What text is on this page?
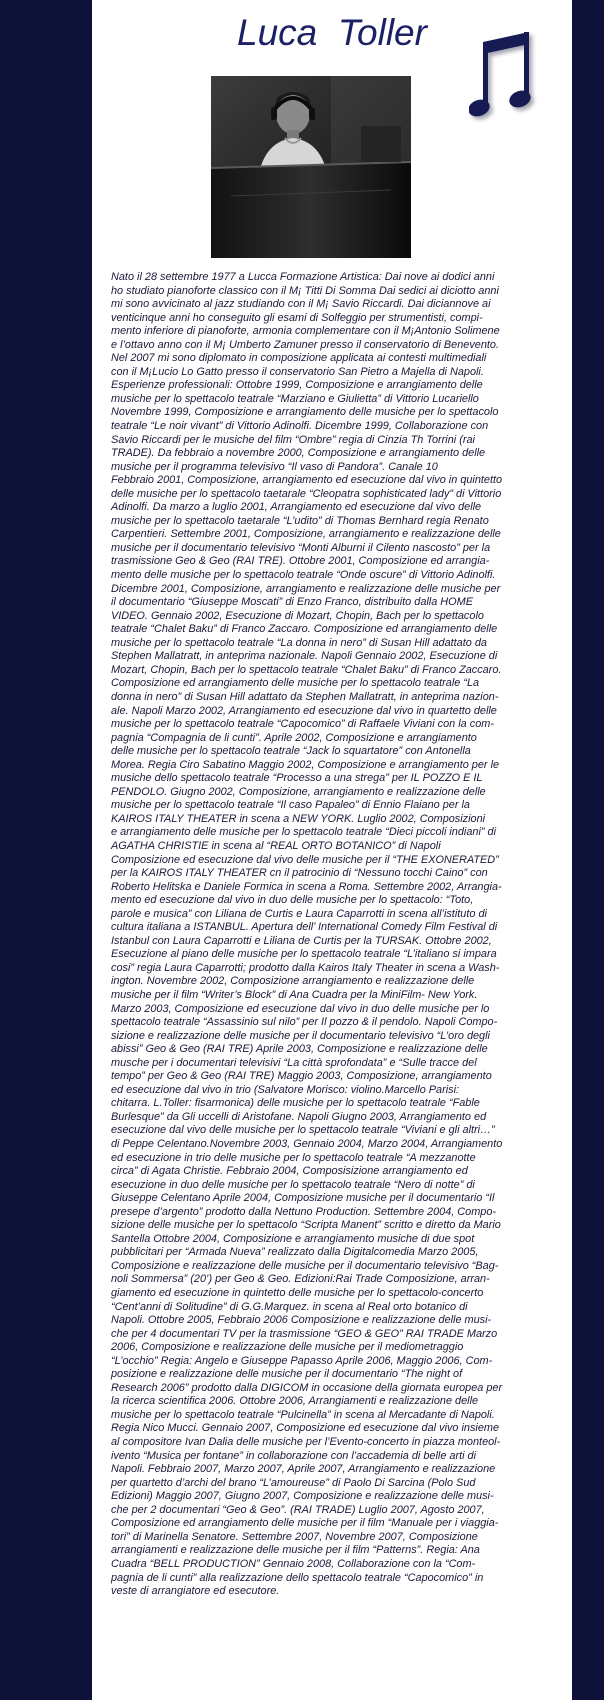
Luca  Toller
Nato il 28 settembre 1977 a Lucca Formazione Artistica: Dai nove ai dodici anni
ho studiato pianoforte classico con il M¡ Titti Di Somma Dai sedici ai diciotto anni
mi sono avvicinato al jazz studiando con il M¡ Savio Riccardi. Dai diciannove ai
venticinque anni ho conseguito gli esami di Solfeggio per strumentisti, compi-
mento inferiore di pianoforte, armonia complementare con il M¡Antonio Solimene
e l’ottavo anno con il M¡ Umberto Zamuner presso il conservatorio di Benevento.
Nel 2007 mi sono diplomato in composizione applicata ai contesti multimediali
con il M¡Lucio Lo Gatto presso il conservatorio San Pietro a Majella di Napoli.
Esperienze professionali: Ottobre 1999, Composizione e arrangiamento delle
musiche per lo spettacolo teatrale “Marziano e Giulietta” di Vittorio Lucariello
Novembre 1999, Composizione e arrangiamento delle musiche per lo spettacolo
teatrale “Le noir vivant” di Vittorio Adinolfi. Dicembre 1999, Collaborazione con
Savio Riccardi per le musiche del film “Ombre” regia di Cinzia Th Torrini (rai
TRADE). Da febbraio a novembre 2000, Composizione e arrangiamento delle
musiche per il programma televisivo “Il vaso di Pandora”. Canale 10
Febbraio 2001, Composizione, arrangiamento ed esecuzione dal vivo in quintetto
delle musiche per lo spettacolo taetarale “Cleopatra sophisticated lady” di Vittorio
Adinolfi. Da marzo a luglio 2001, Arrangiamento ed esecuzione dal vivo delle
musiche per lo spettacolo taetarale “L’udito” di Thomas Bernhard regia Renato
Carpentieri. Settembre 2001, Composizione, arrangiamento e realizzazione delle
musiche per il documentario televisivo “Monti Alburni il Cilento nascosto” per la
trasmissione Geo & Geo (RAI TRE). Ottobre 2001, Composizione ed arrangia-
mento delle musiche per lo spettacolo teatrale “Onde oscure” di Vittorio Adinolfi.
Dicembre 2001, Composizione, arrangiamento e realizzazione delle musiche per
il documentario “Giuseppe Moscati” di Enzo Franco, distribuito dalla HOME
VIDEO. Gennaio 2002, Esecuzione di Mozart, Chopin, Bach per lo spettacolo
teatrale “Chalet Baku” di Franco Zaccaro. Composizione ed arrangiamento delle
musiche per lo spettacolo teatrale “La donna in nero” di Susan Hill adattato da
Stephen Mallatratt, in anteprima nazionale. Napoli Gennaio 2002, Esecuzione di
Mozart, Chopin, Bach per lo spettacolo teatrale “Chalet Baku” di Franco Zaccaro.
Composizione ed arrangiamento delle musiche per lo spettacolo teatrale “La
donna in nero” di Susan Hill adattato da Stephen Mallatratt, in anteprima nazion-
ale. Napoli Marzo 2002, Arrangiamento ed esecuzione dal vivo in quartetto delle
musiche per lo spettacolo teatrale “Capocomico” di Raffaele Viviani con la com-
pagnia “Compagnia de li cunti”. Aprile 2002, Composizione e arrangiamento
delle musiche per lo spettacolo teatrale “Jack lo squartatore” con Antonella
Morea. Regia Ciro Sabatino Maggio 2002, Composizione e arrangiamento per le
musiche dello spettacolo teatrale “Processo a una strega” per IL POZZO E IL
PENDOLO. Giugno 2002, Composizione, arrangiamento e realizzazione delle
musiche per lo spettacolo teatrale “Il caso Papaleo” di Ennio Flaiano per la
KAIROS ITALY THEATER in scena a NEW YORK. Luglio 2002, Composizioni
e arrangiamento delle musiche per lo spettacolo teatrale “Dieci piccoli indiani” di
AGATHA CHRISTIE in scena al “REAL ORTO BOTANICO” di Napoli
Composizione ed esecuzione dal vivo delle musiche per il “THE EXONERATED”
per la KAIROS ITALY THEATER cn il patrocinio di “Nessuno tocchi Caino” con
Roberto Helitska e Daniele Formica in scena a Roma. Settembre 2002, Arrangia-
mento ed esecuzione dal vivo in duo delle musiche per lo spettacolo: “Toto,
parole e musica” con Liliana de Curtis e Laura Caparrotti in scena all’istituto di
cultura italiana a ISTANBUL. Apertura dell’ International Comedy Film Festival di
Istanbul con Laura Caparrotti e Liliana de Curtis per la TURSAK. Ottobre 2002,
Esecuzione al piano delle musiche per lo spettacolo teatrale “L’italiano si impara
cosi” regia Laura Caparrotti; prodotto dalla Kairos Italy Theater in scena a Wash-
ington. Novembre 2002, Composizione arrangiamento e realizzazione delle
musiche per il film “Writer’s Block” di Ana Cuadra per la MiniFilm- New York.
Marzo 2003, Composizione ed esecuzione dal vivo in duo delle musiche per lo
spettacolo teatrale “Assassinio sul nilo” per Il pozzo & il pendolo. Napoli Compo-
sizione e realizzazione delle musiche per il documentario televisivo “L’oro degli
abissi” Geo & Geo (RAI TRE) Aprile 2003, Composizione e realizzazione delle
musche per i documentari televisivi “La città sprofondata” e “Sulle tracce del
tempo” per Geo & Geo (RAI TRE) Maggio 2003, Composizione, arrangiamento
ed esecuzione dal vivo in trio (Salvatore Morisco: violino.Marcello Parisi:
chitarra. L.Toller: fisarmonica) delle musiche per lo spettacolo teatrale “Fable
Burlesque” da Gli uccelli di Aristofane. Napoli Giugno 2003, Arrangiamento ed
esecuzione dal vivo delle musiche per lo spettacolo teatrale “Viviani e gli altri…”
di Peppe Celentano.Novembre 2003, Gennaio 2004, Marzo 2004, Arrangiamento
ed esecuzione in trio delle musiche per lo spettacolo teatrale “A mezzanotte
circa” di Agata Christie. Febbraio 2004, Composisizione arrangiamento ed
esecuzione in duo delle musiche per lo spettacolo teatrale “Nero di notte” di
Giuseppe Celentano Aprile 2004, Composizione musiche per il documentario “Il
presepe d’argento” prodotto dalla Nettuno Production. Settembre 2004, Compo-
sizione delle musiche per lo spettacolo “Scripta Manent” scritto e diretto da Mario
Santella Ottobre 2004, Composizione e arrangiamento musiche di due spot
pubblicitari per “Armada Nueva” realizzato dalla Digitalcomedia Marzo 2005,
Composizione e realizzazione delle musiche per il documentario televisivo “Bag-
noli Sommersa” (20’) per Geo & Geo. Edizioni:Rai Trade Composizione, arran-
giamento ed esecuzione in quintetto delle musiche per lo spettacolo-concerto
“Cent’anni di Solitudine” di G.G.Marquez. in scena al Real orto botanico di
Napoli. Ottobre 2005, Febbraio 2006 Composizione e realizzazione delle musi-
che per 4 documentari TV per la trasmissione “GEO & GEO” RAI TRADE Marzo
2006, Composizione e realizzazione delle musiche per il mediometraggio
“L’occhio” Regia: Angelo e Giuseppe Papasso Aprile 2006, Maggio 2006, Com-
posizione e realizzazione delle musiche per il documentario “The night of
Research 2006” prodotto dalla DIGICOM in occasione della giornata europea per
la ricerca scientifica 2006. Ottobre 2006, Arrangiamenti e realizzazione delle
musiche per lo spettacolo teatrale “Pulcinella” in scena al Mercadante di Napoli.
Regia Nico Mucci. Gennaio 2007, Composizione ed esecuzione dal vivo insieme
al compositore Ivan Dalia delle musiche per l’Evento-concerto in piazza monteol-
ivento “Musica per fontane” in collaborazione con l’accademia di belle arti di
Napoli. Febbraio 2007, Marzo 2007, Aprile 2007, Arrangiamento e realizzazione
per quartetto d’archi del brano “L’amoureuse” di Paolo Di Sarcina (Polo Sud
Edizioni) Maggio 2007, Giugno 2007, Composizione e realizzazione delle musi-
che per 2 documentari “Geo & Geo”. (RAI TRADE) Luglio 2007, Agosto 2007,
Composizione ed arrangiamento delle musiche per il film “Manuale per i viaggia-
tori” di Marinella Senatore. Settembre 2007, Novembre 2007, Composizione
arrangiamenti e realizzazione delle musiche per il film “Patterns”. Regia: Ana
Cuadra “BELL PRODUCTION” Gennaio 2008, Collaborazione con la “Com-
pagnia de li cunti” alla realizzazione dello spettacolo teatrale “Capocomico” in
veste di arrangiatore ed esecutore.
